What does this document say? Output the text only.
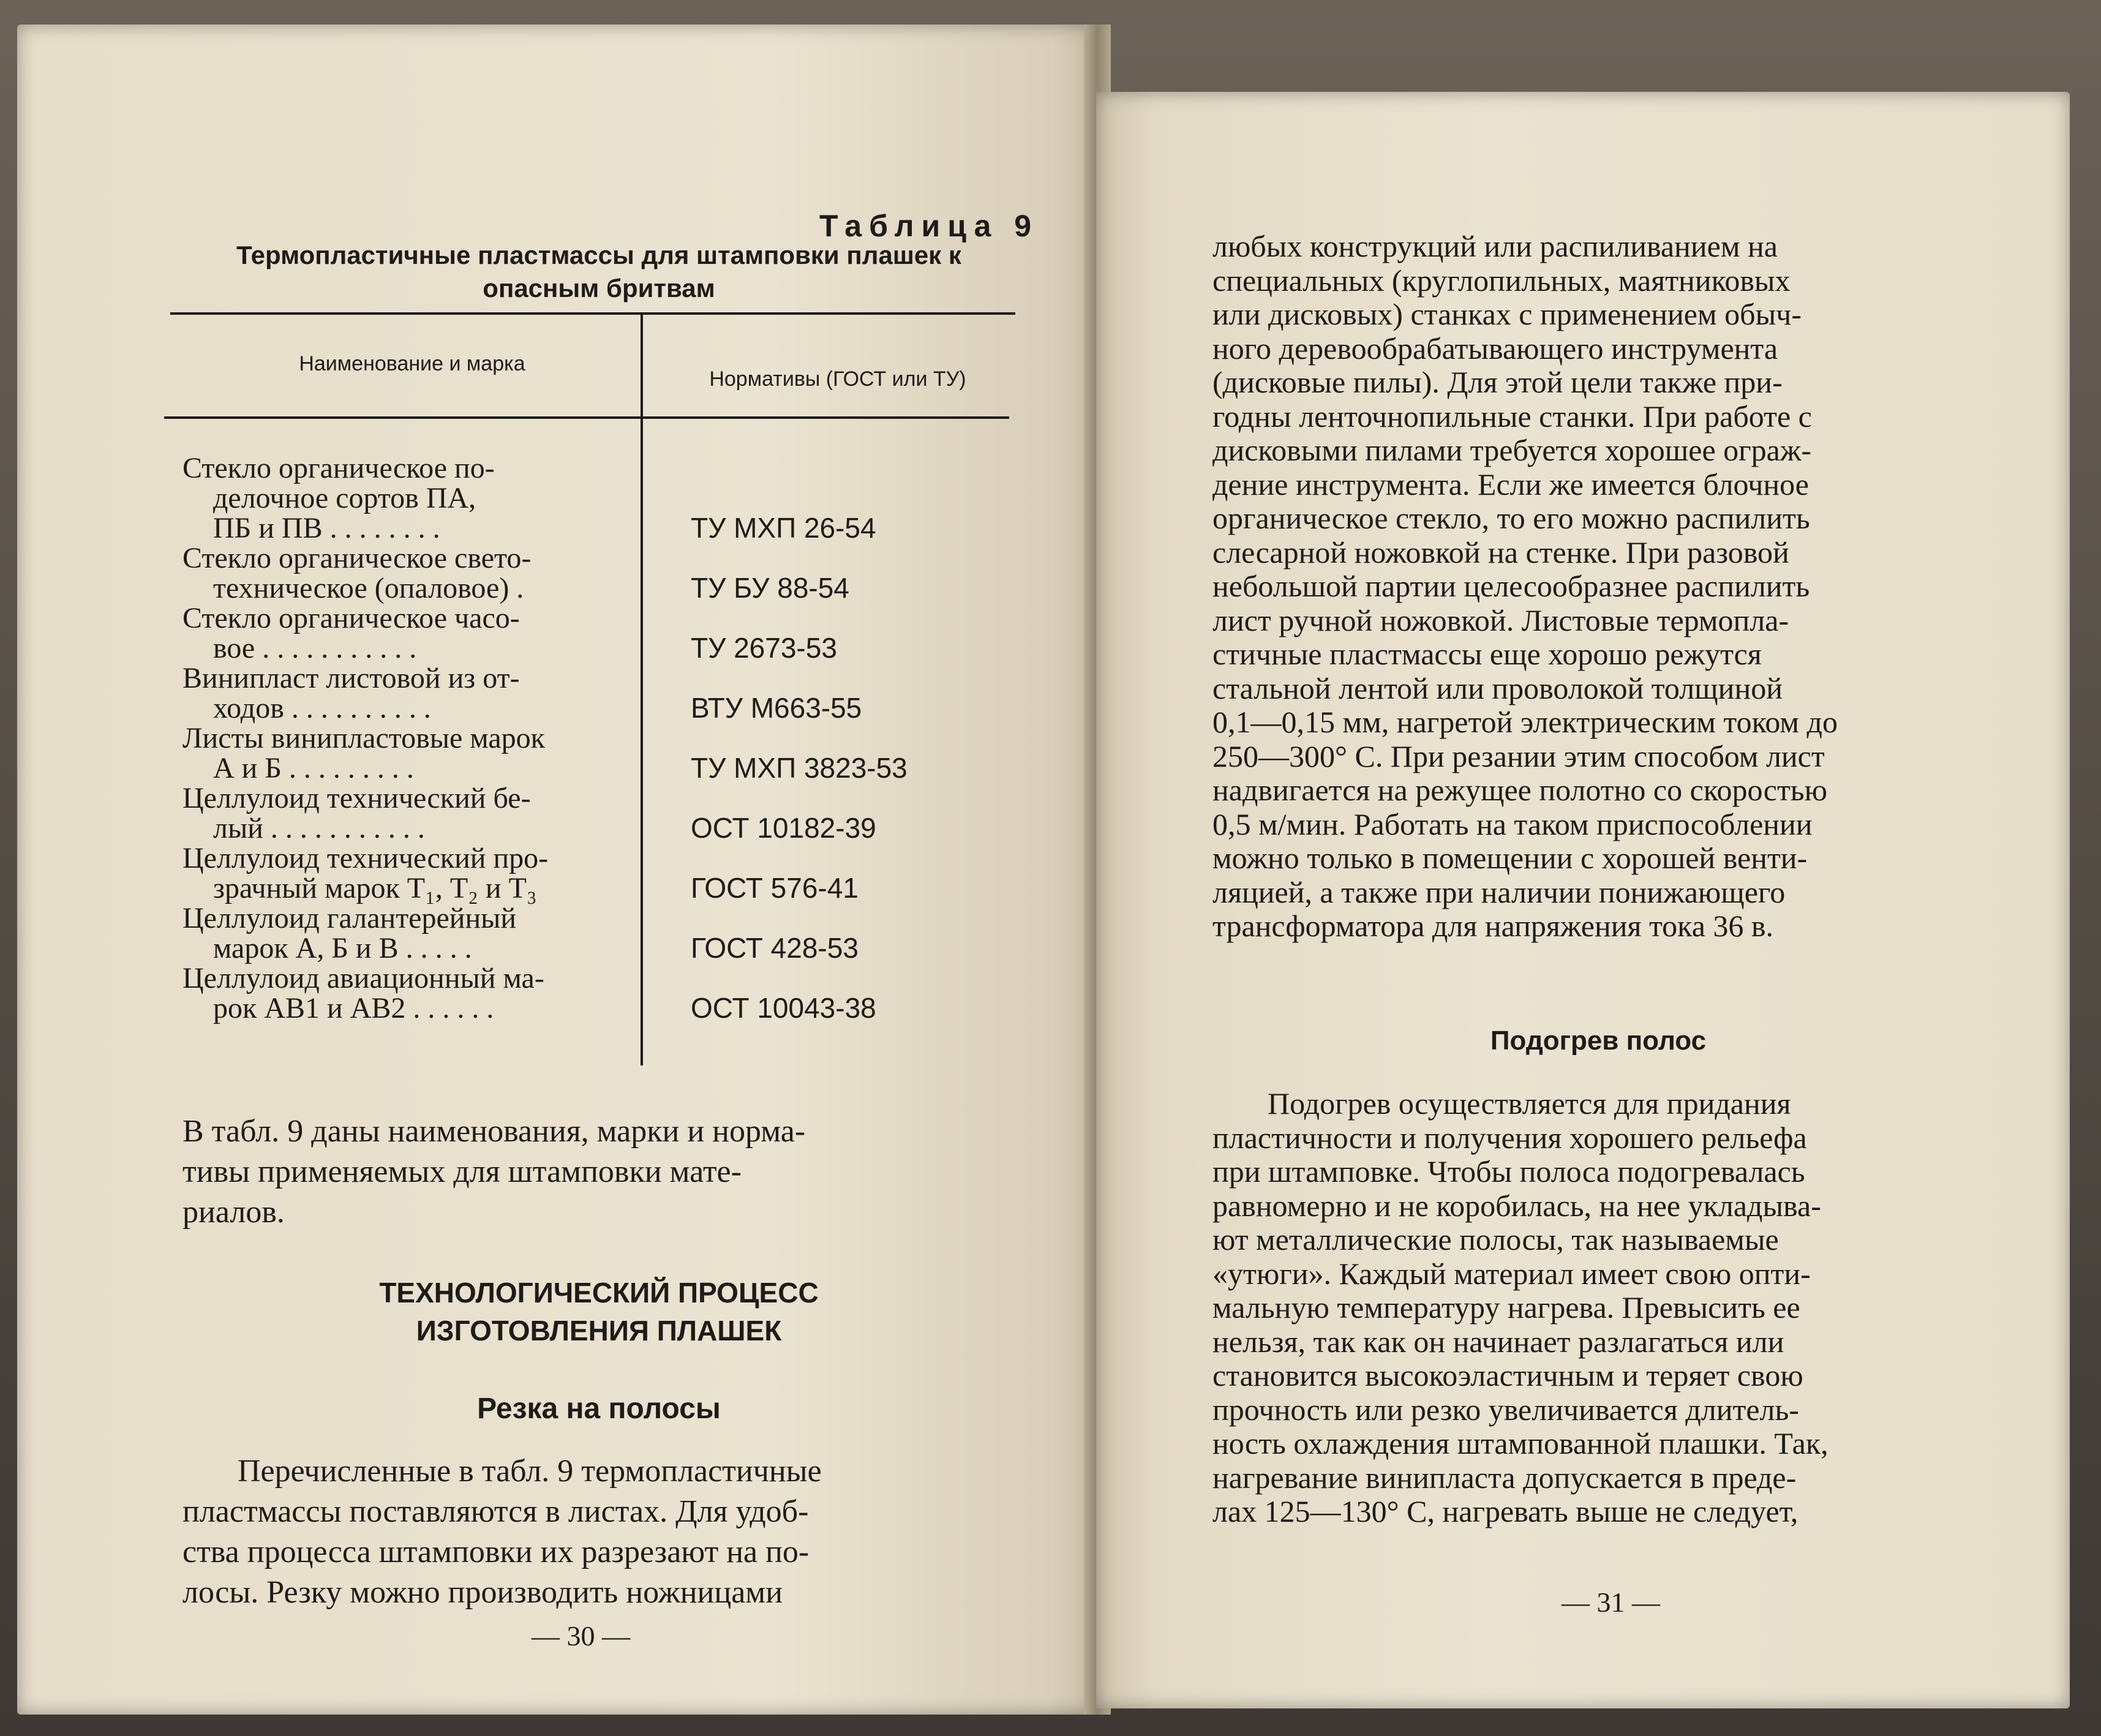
Таблица 9
Термопластичные пластмассы для штамповки плашек к опасным бритвам
Наименование и марка
Нормативы (ГОСТ или ТУ)
Стекло органическое по-
делочное сортов ПА,
ПБ и ПВ . . . . . . . .	ТУ МХП 26-54
Стекло органическое свето-
техническое (опаловое) .	ТУ БУ 88-54
Стекло органическое часо-
вое . . . . . . . . . . .	ТУ 2673-53
Винипласт листовой из от-
ходов . . . . . . . . . .	ВТУ М663-55
Листы винипластовые марок
А и Б . . . . . . . . .	ТУ МХП 3823-53
Целлулоид технический бе-
лый . . . . . . . . . . .	ОСТ 10182-39
Целлулоид технический про-
зрачный марок Т₁, Т₂ и Т₃	ГОСТ 576-41
Целлулоид галантерейный
марок А, Б и В . . . . .	ГОСТ 428-53
Целлулоид авиационный ма-
рок АВ1 и АВ2 . . . . . .	ОСТ 10043-38
В табл. 9 даны наименования, марки и норма-
тивы применяемых для штамповки мате-
риалов.
ТЕХНОЛОГИЧЕСКИЙ ПРОЦЕСС
ИЗГОТОВЛЕНИЯ ПЛАШЕК
Резка на полосы
Перечисленные в табл. 9 термопластичные
пластмассы поставляются в листах. Для удоб-
ства процесса штамповки их разрезают на по-
лосы. Резку можно производить ножницами
— 30 —
любых конструкций или распиливанием на
специальных (круглопильных, маятниковых
или дисковых) станках с применением обыч-
ного деревообрабатывающего инструмента
(дисковые пилы). Для этой цели также при-
годны ленточнопильные станки. При работе с
дисковыми пилами требуется хорошее ограж-
дение инструмента. Если же имеется блочное
органическое стекло, то его можно распилить
слесарной ножовкой на стенке. При разовой
небольшой партии целесообразнее распилить
лист ручной ножовкой. Листовые термопла-
стичные пластмассы еще хорошо режутся
стальной лентой или проволокой толщиной
0,1—0,15 мм, нагретой электрическим током до
250—300° С. При резании этим способом лист
надвигается на режущее полотно со скоростью
0,5 м/мин. Работать на таком приспособлении
можно только в помещении с хорошей венти-
ляцией, а также при наличии понижающего
трансформатора для напряжения тока 36 в.
Подогрев полос
Подогрев осуществляется для придания
пластичности и получения хорошего рельефа
при штамповке. Чтобы полоса подогревалась
равномерно и не коробилась, на нее укладыва-
ют металлические полосы, так называемые
«утюги». Каждый материал имеет свою опти-
мальную температуру нагрева. Превысить ее
нельзя, так как он начинает разлагаться или
становится высокоэластичным и теряет свою
прочность или резко увеличивается длитель-
ность охлаждения штампованной плашки. Так,
нагревание винипласта допускается в преде-
лах 125—130° С, нагревать выше не следует,
— 31 —
